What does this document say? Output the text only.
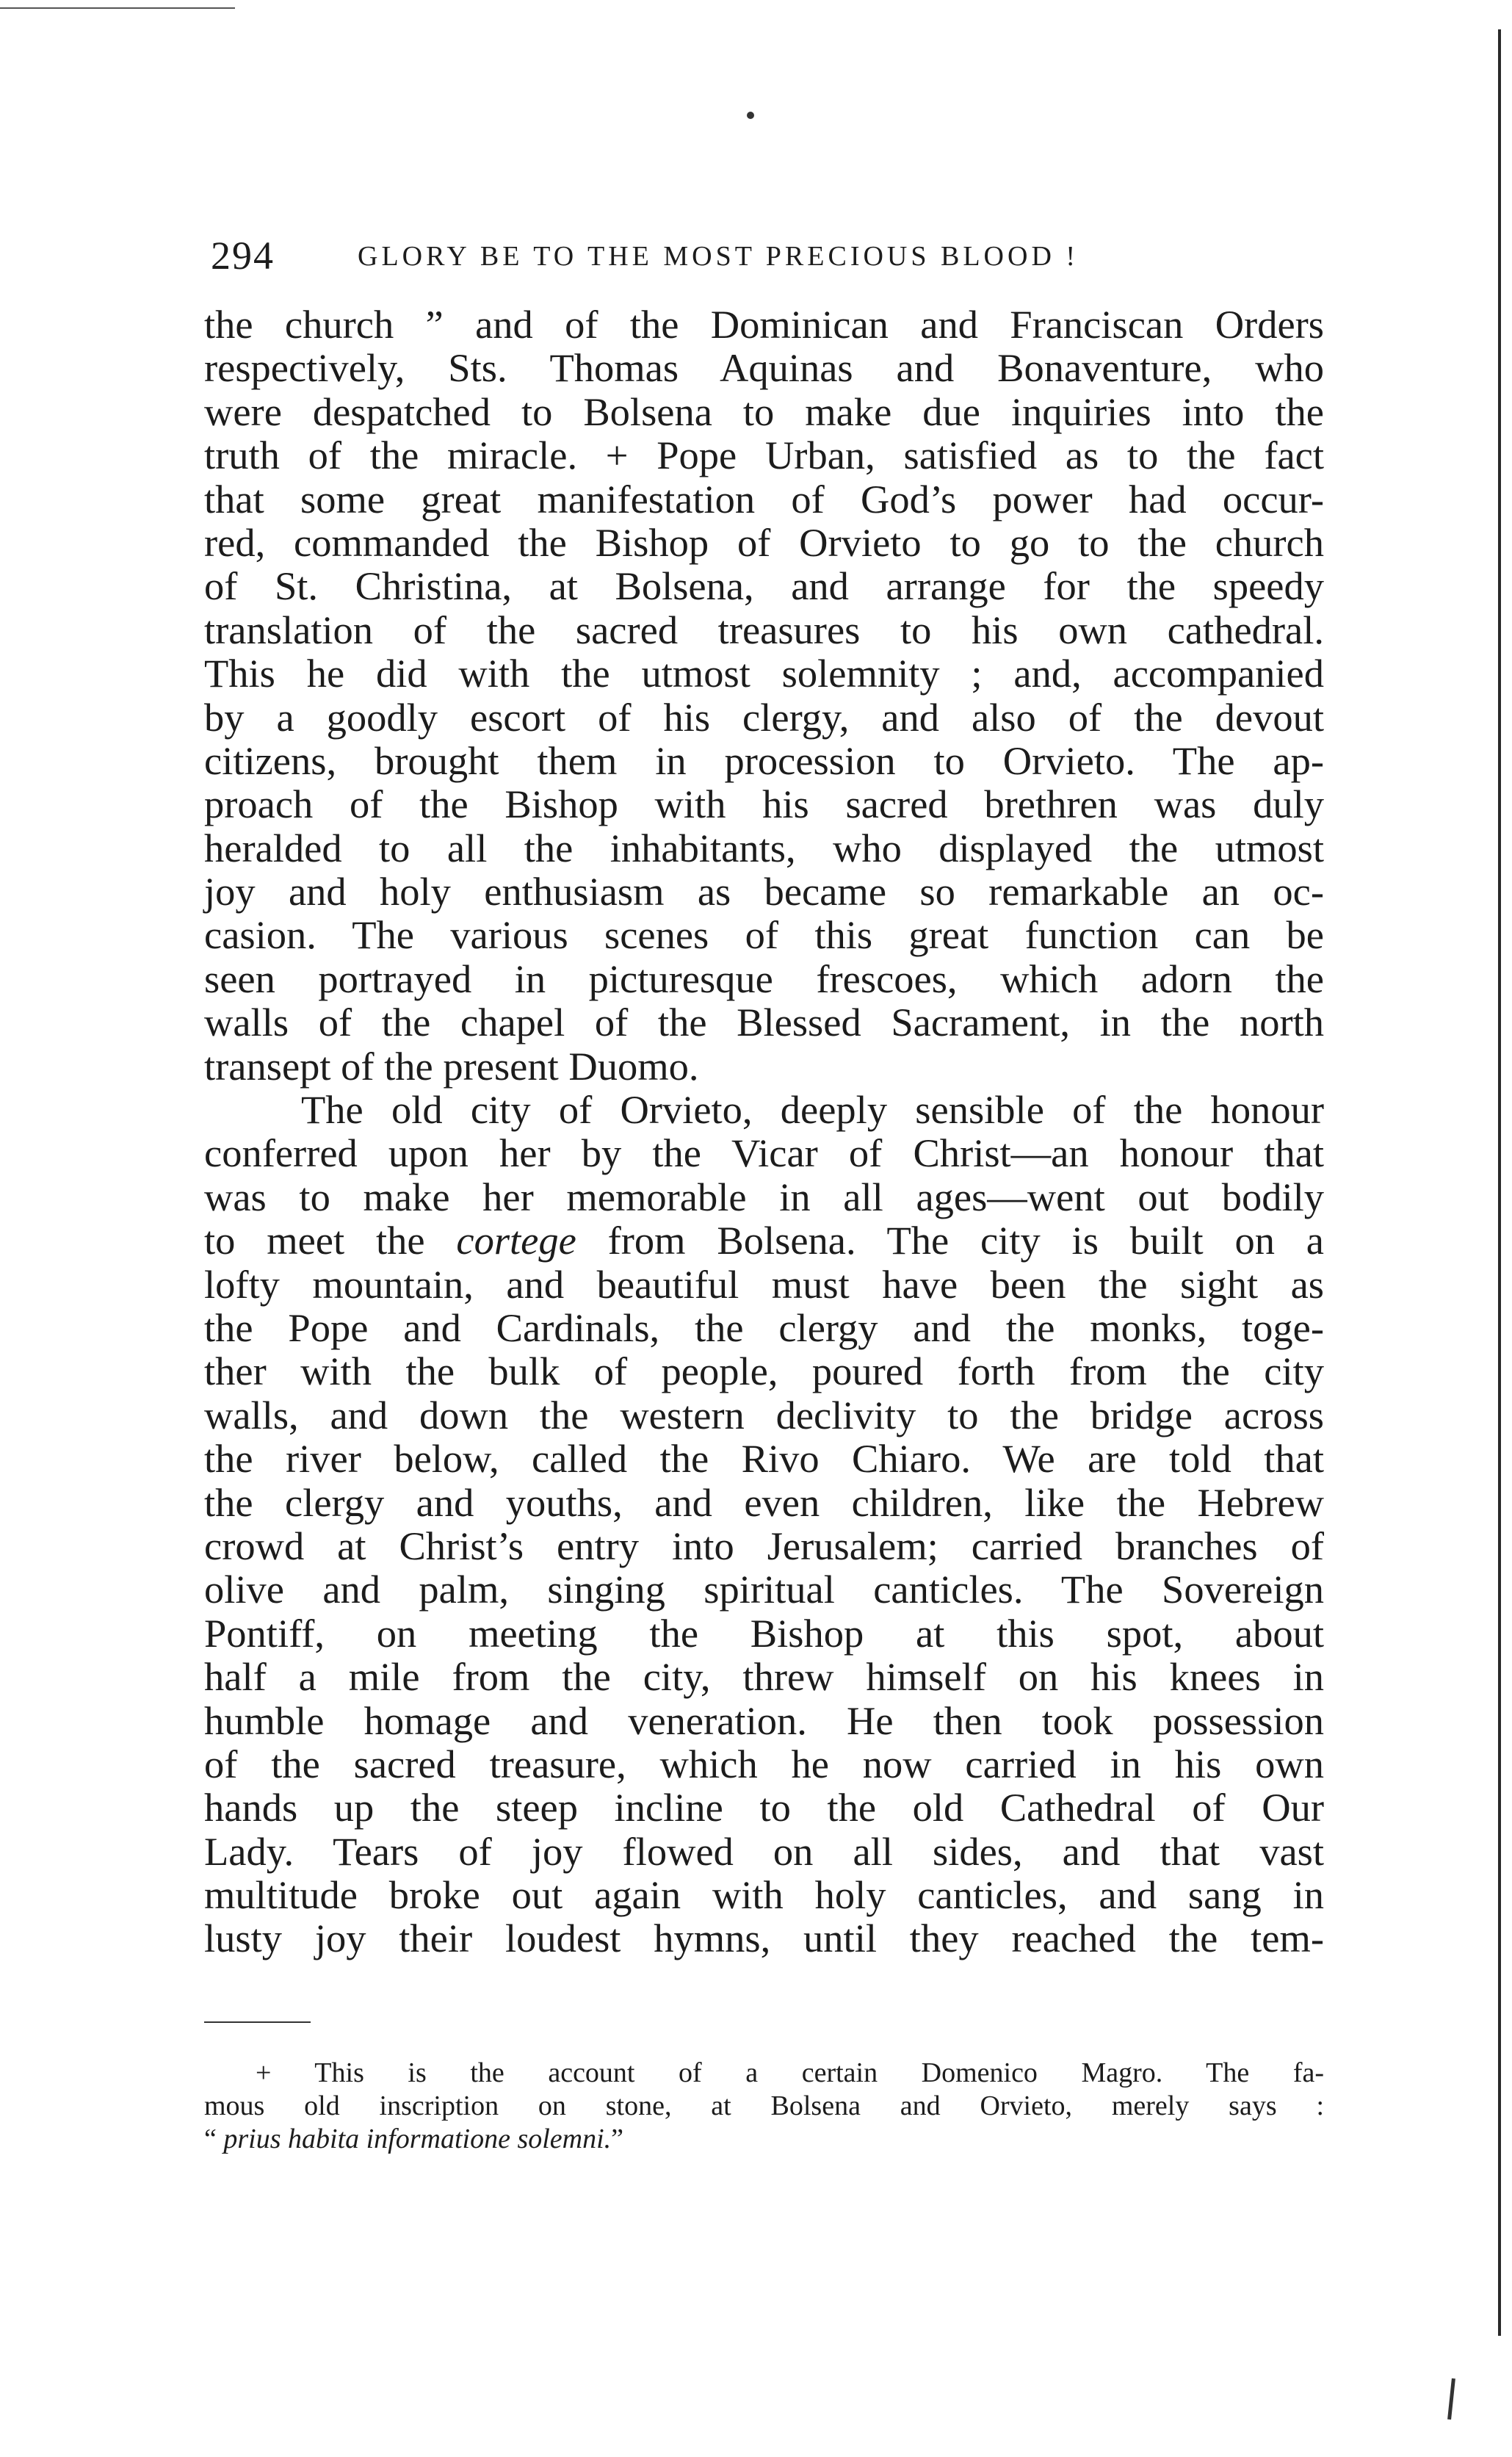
294	GLORY BE TO THE MOST PRECIOUS BLOOD !
the church ” and of the Dominican and Franciscan Orders
respectively, Sts. Thomas Aquinas and Bonaventure, who
were despatched to Bolsena to make due inquiries into the
truth of the miracle. + Pope Urban, satisfied as to the fact
that some great manifestation of God’s power had occur-
red, commanded the Bishop of Orvieto to go to the church
of St. Christina, at Bolsena, and arrange for the speedy
translation of the sacred treasures to his own cathedral.
This he did with the utmost solemnity ; and, accompanied
by a goodly escort of his clergy, and also of the devout
citizens, brought them in procession to Orvieto. The ap-
proach of the Bishop with his sacred brethren was duly
heralded to all the inhabitants, who displayed the utmost
joy and holy enthusiasm as became so remarkable an oc-
casion. The various scenes of this great function can be
seen portrayed in picturesque frescoes, which adorn the
walls of the chapel of the Blessed Sacrament, in the north
transept of the present Duomo.
The old city of Orvieto, deeply sensible of the honour
conferred upon her by the Vicar of Christ—an honour that
was to make her memorable in all ages—went out bodily
to meet the cortege from Bolsena. The city is built on a
lofty mountain, and beautiful must have been the sight as
the Pope and Cardinals, the clergy and the monks, toge-
ther with the bulk of people, poured forth from the city
walls, and down the western declivity to the bridge across
the river below, called the Rivo Chiaro. We are told that
the clergy and youths, and even children, like the Hebrew
crowd at Christ’s entry into Jerusalem; carried branches of
olive and palm, singing spiritual canticles. The Sovereign
Pontiff, on meeting the Bishop at this spot, about
half a mile from the city, threw himself on his knees in
humble homage and veneration. He then took possession
of the sacred treasure, which he now carried in his own
hands up the steep incline to the old Cathedral of Our
Lady. Tears of joy flowed on all sides, and that vast
multitude broke out again with holy canticles, and sang in
lusty joy their loudest hymns, until they reached the tem-
+ This is the account of a certain Domenico Magro. The fa-
mous old inscription on stone, at Bolsena and Orvieto, merely says :
“ prius habita informatione solemni.”
